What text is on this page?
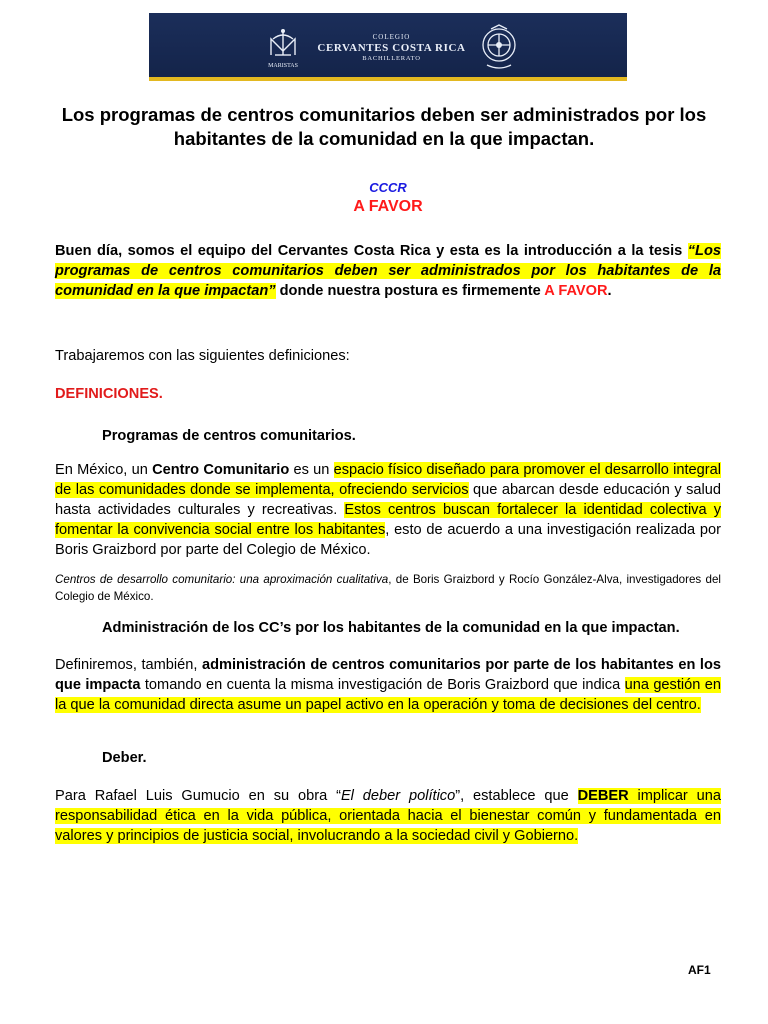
MARISTAS
COLEGIO
CERVANTES COSTA RICA
BACHILLERATO
Los programas de centros comunitarios deben ser administrados por los habitantes de la comunidad en la que impactan.
CCCR
A FAVOR

Buen día, somos el equipo del Cervantes Costa Rica y esta es la introducción a la tesis “Los programas de centros comunitarios deben ser administrados por los habitantes de la comunidad en la que impactan” donde nuestra postura es firmemente A FAVOR.

Trabajaremos con las siguientes definiciones:

DEFINICIONES.
Programas de centros comunitarios.

En México, un Centro Comunitario es un espacio físico diseñado para promover el desarrollo integral de las comunidades donde se implementa, ofreciendo servicios que abarcan desde educación y salud hasta actividades culturales y recreativas. Estos centros buscan fortalecer la identidad colectiva y fomentar la convivencia social entre los habitantes, esto de acuerdo a una investigación realizada por Boris Graizbord por parte del Colegio de México.

Centros de desarrollo comunitario: una aproximación cualitativa, de Boris Graizbord y Rocío González-Alva, investigadores del Colegio de México.

Administración de los CC’s por los habitantes de la comunidad en la que impactan.

Definiremos, también, administración de centros comunitarios por parte de los habitantes en los que impacta tomando en cuenta la misma investigación de Boris Graizbord que indica una gestión en la que la comunidad directa asume un papel activo en la operación y toma de decisiones del centro.

Deber.

Para Rafael Luis Gumucio en su obra “El deber político”, establece que DEBER implicar una responsabilidad ética en la vida pública, orientada hacia el bienestar común y fundamentada en valores y principios de justicia social, involucrando a la sociedad civil y Gobierno.

AF1
